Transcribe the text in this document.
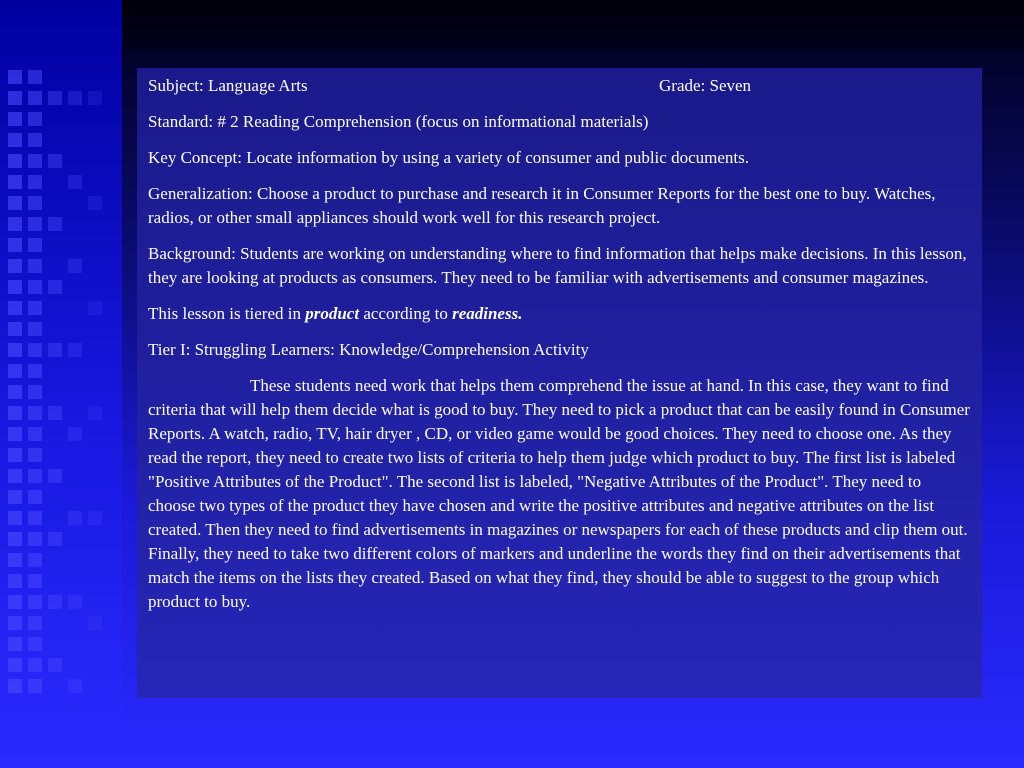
Subject: Language Arts	Grade: Seven
Standard: # 2 Reading Comprehension (focus on informational materials)
Key Concept: Locate information by using a variety of consumer and public documents.
Generalization: Choose a product to purchase and research it in Consumer Reports for the best one to buy. Watches, radios, or other small appliances should work well for this research project.
Background: Students are working on understanding where to find information that helps make decisions. In this lesson, they are looking at products as consumers. They need to be familiar with advertisements and consumer magazines.
This lesson is tiered in product according to readiness.
Tier I: Struggling Learners: Knowledge/Comprehension Activity
These students need work that helps them comprehend the issue at hand. In this case, they want to find criteria that will help them decide what is good to buy. They need to pick a product that can be easily found in Consumer Reports. A watch, radio, TV, hair dryer , CD, or video game would be good choices. They need to choose one. As they read the report, they need to create two lists of criteria to help them judge which product to buy. The first list is labeled "Positive Attributes of the Product". The second list is labeled, "Negative Attributes of the Product". They need to choose two types of the product they have chosen and write the positive attributes and negative attributes on the list created. Then they need to find advertisements in magazines or newspapers for each of these products and clip them out. Finally, they need to take two different colors of markers and underline the words they find on their advertisements that match the items on the lists they created. Based on what they find, they should be able to suggest to the group which product to buy.
